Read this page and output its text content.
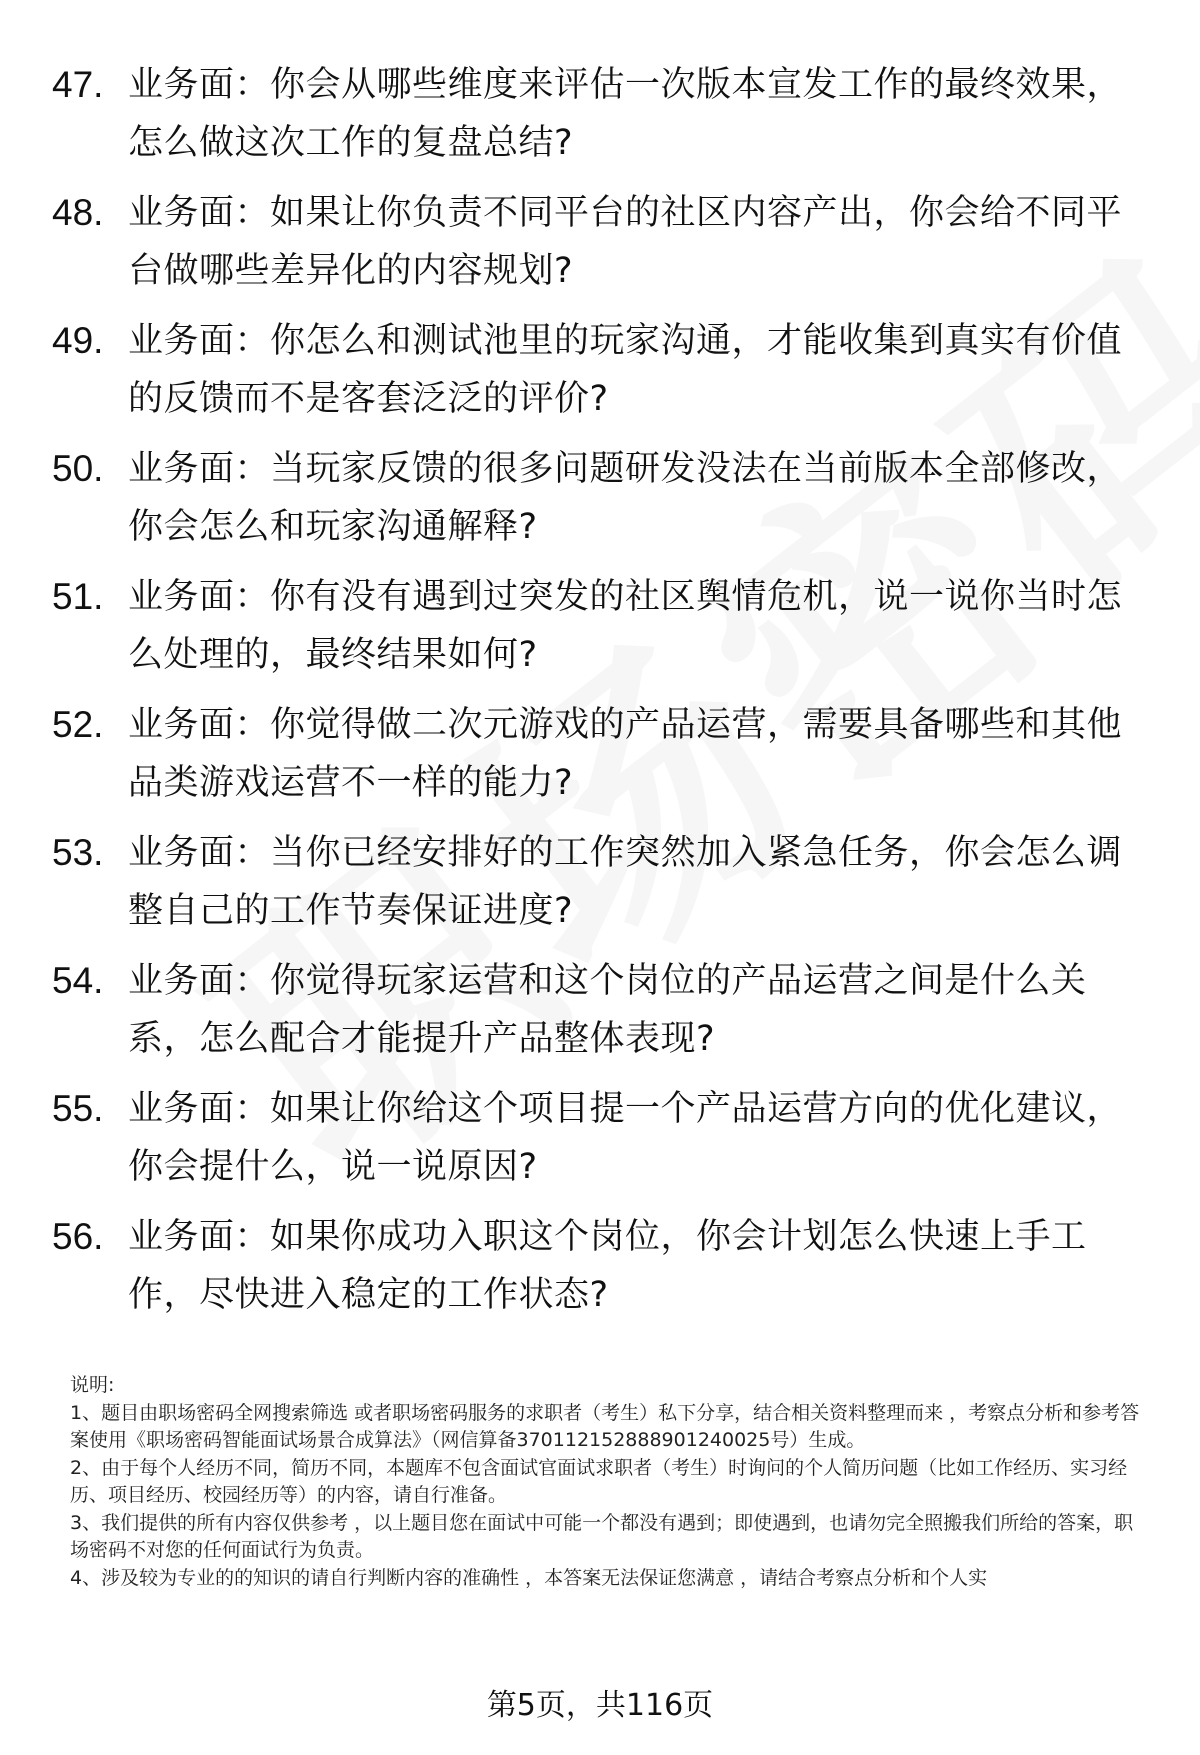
47. 业务面：你会从哪些维度来评估一次版本宣发工作的最终效果，怎么做这次工作的复盘总结?
48. 业务面：如果让你负责不同平台的社区内容产出，你会给不同平台做哪些差异化的内容规划?
49. 业务面：你怎么和测试池里的玩家沟通，才能收集到真实有价值的反馈而不是客套泛泛的评价?
50. 业务面：当玩家反馈的很多问题研发没法在当前版本全部修改，你会怎么和玩家沟通解释?
51. 业务面：你有没有遇到过突发的社区舆情危机，说一说你当时怎么处理的，最终结果如何?
52. 业务面：你觉得做二次元游戏的产品运营，需要具备哪些和其他品类游戏运营不一样的能力?
53. 业务面：当你已经安排好的工作突然加入紧急任务，你会怎么调整自己的工作节奏保证进度?
54. 业务面：你觉得玩家运营和这个岗位的产品运营之间是什么关系，怎么配合才能提升产品整体表现?
55. 业务面：如果让你给这个项目提一个产品运营方向的优化建议，你会提什么，说一说原因?
56. 业务面：如果你成功入职这个岗位，你会计划怎么快速上手工作，尽快进入稳定的工作状态?

说明:

1、题目由职场密码全网搜索筛选 或者职场密码服务的求职者（考生）私下分享，结合相关资料整理而来 ，考察点分析和参考答案使用《职场密码智能面试场景合成算法》（网信算备370112152888901240025号）生成。

2、由于每个人经历不同，简历不同，本题库不包含面试官面试求职者（考生）时询问的个人简历问题（比如工作经历、实习经历、项目经历、校园经历等）的内容，请自行准备。

3、我们提供的所有内容仅供参考 ，以上题目您在面试中可能一个都没有遇到；即使遇到，也请勿完全照搬我们所给的答案，职场密码不对您的任何面试行为负责。

4、涉及较为专业的的知识的请自行判断内容的准确性 ，本答案无法保证您满意 ，请结合考察点分析和个人实

第5页，共116页
